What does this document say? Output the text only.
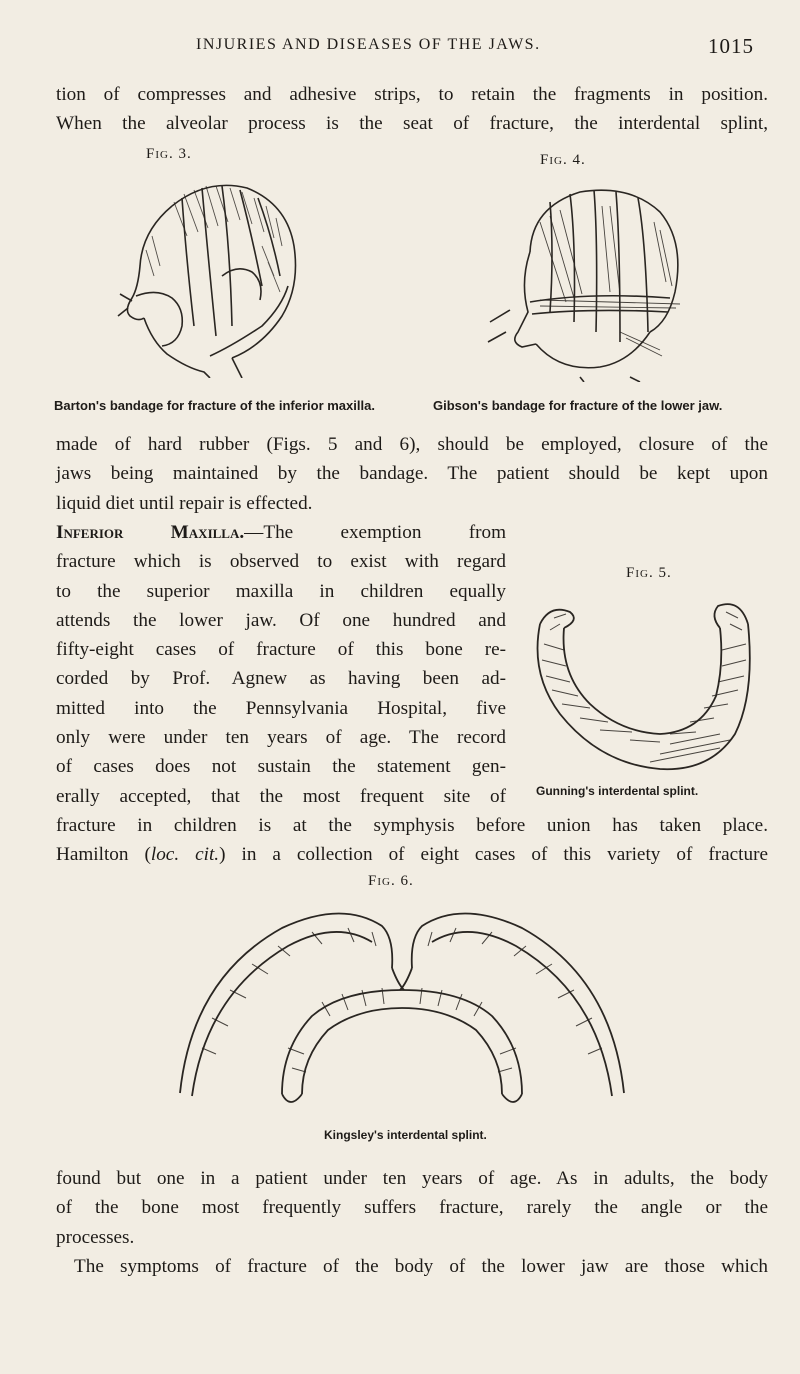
INJURIES AND DISEASES OF THE JAWS.	1015
tion of compresses and adhesive strips, to retain the fragments in position.
When the alveolar process is the seat of fracture, the interdental splint,
Fig. 3.	Fig. 4.
Barton's bandage for fracture of the inferior maxilla.	Gibson's bandage for fracture of the lower jaw.
made of hard rubber (Figs. 5 and 6), should be employed, closure of the
jaws being maintained by the bandage. The patient should be kept upon
liquid diet until repair is effected.
Fig. 5.
Gunning's interdental splint.
Inferior Maxilla.—The exemption from
fracture which is observed to exist with regard
to the superior maxilla in children equally
attends the lower jaw. Of one hundred and
fifty-eight cases of fracture of this bone re-
corded by Prof. Agnew as having been ad-
mitted into the Pennsylvania Hospital, five
only were under ten years of age. The record
of cases does not sustain the statement gen-
erally accepted, that the most frequent site of
fracture in children is at the symphysis before union has taken place.
Hamilton (loc. cit.) in a collection of eight cases of this variety of fracture
Fig. 6.
Kingsley's interdental splint.
found but one in a patient under ten years of age. As in adults, the body
of the bone most frequently suffers fracture, rarely the angle or the
processes.
The symptoms of fracture of the body of the lower jaw are those which
